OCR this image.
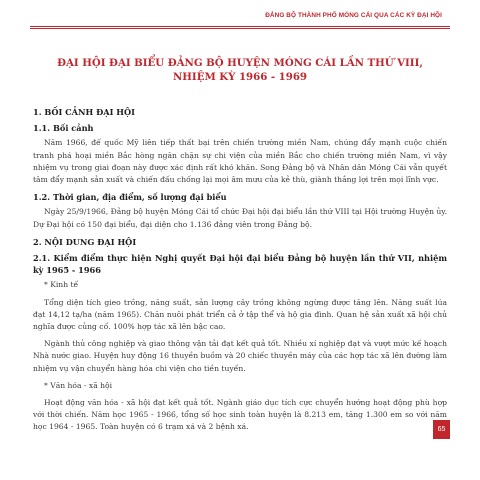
ĐẢNG BỘ THÀNH PHỐ MÓNG CÁI QUA CÁC KỲ ĐẠI HỘI
ĐẠI HỘI ĐẠI BIỂU ĐẢNG BỘ HUYỆN MÓNG CÁI LẦN THỨ VIII,
NHIỆM KỲ 1966 - 1969
1. BỐI CẢNH ĐẠI HỘI
1.1. Bối cảnh
Năm 1966, đế quốc Mỹ liên tiếp thất bại trên chiến trường miền Nam, chúng đẩy mạnh cuộc chiến tranh phá hoại miền Bắc hòng ngăn chặn sự chi viện của miền Bắc cho chiến trường miền Nam, vì vậy nhiệm vụ trong giai đoạn này được xác định rất khó khăn. Song Đảng bộ và Nhân dân Móng Cái vẫn quyết tâm đẩy mạnh sản xuất và chiến đấu chống lại mọi âm mưu của kẻ thù, giành thắng lợi trên mọi lĩnh vực.
1.2. Thời gian, địa điểm, số lượng đại biểu
Ngày 25/9/1966, Đảng bộ huyện Móng Cái tổ chức Đại hội đại biểu lần thứ VIII tại Hội trường Huyện ủy. Dự Đại hội có 150 đại biểu, đại diện cho 1.136 đảng viên trong Đảng bộ.
2. NỘI DUNG ĐẠI HỘI
2.1. Kiểm điểm thực hiện Nghị quyết Đại hội đại biểu Đảng bộ huyện lần thứ VII, nhiệm kỳ 1965 - 1966
* Kinh tế
Tổng diện tích gieo trồng, năng suất, sản lượng cây trồng không ngừng được tăng lên. Năng suất lúa đạt 14,12 tạ/ha (năm 1965). Chăn nuôi phát triển cả ở tập thể và hộ gia đình. Quan hệ sản xuất xã hội chủ nghĩa được củng cố. 100% hợp tác xã lên bậc cao.
Ngành thủ công nghiệp và giao thông vận tải đạt kết quả tốt. Nhiều xí nghiệp đạt và vượt mức kế hoạch Nhà nước giao. Huyện huy động 16 thuyền buồm và 20 chiếc thuyền máy của các hợp tác xã lên đường làm nhiệm vụ vận chuyển hàng hóa chi viện cho tiền tuyến.
* Văn hóa - xã hội
Hoạt động văn hóa - xã hội đạt kết quả tốt. Ngành giáo dục tích cực chuyển hướng hoạt động phù hợp với thời chiến. Năm học 1965 - 1966, tổng số học sinh toàn huyện là 8.213 em, tăng 1.300 em so với năm học 1964 - 1965. Toàn huyện có 6 trạm xá và 2 bệnh xá.	65
